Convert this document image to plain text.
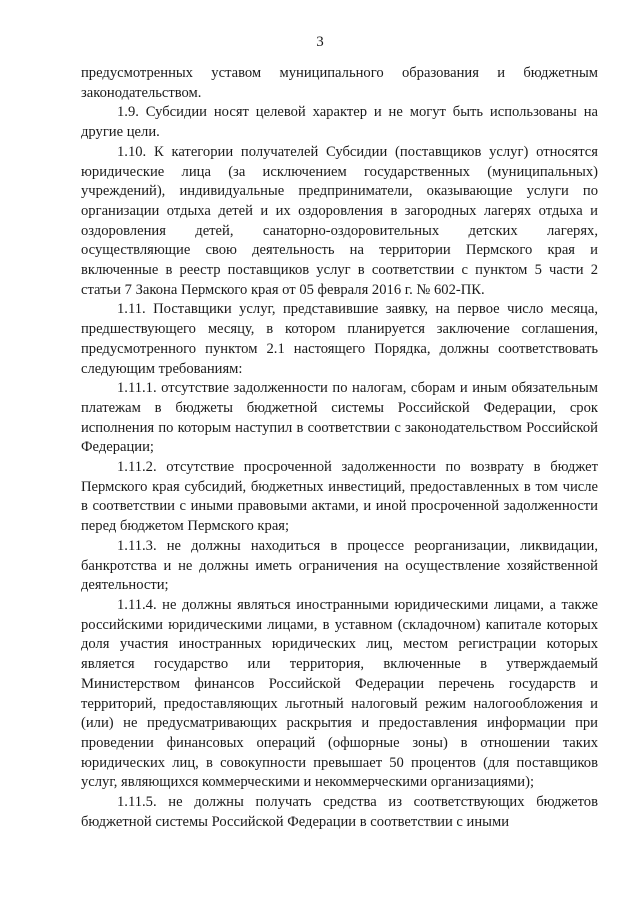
3

предусмотренных уставом муниципального образования и бюджетным законодательством.

1.9. Субсидии носят целевой характер и не могут быть использованы на другие цели.

1.10. К категории получателей Субсидии (поставщиков услуг) относятся юридические лица (за исключением государственных (муниципальных) учреждений), индивидуальные предприниматели, оказывающие услуги по организации отдыха детей и их оздоровления в загородных лагерях отдыха и оздоровления детей, санаторно-оздоровительных детских лагерях, осуществляющие свою деятельность на территории Пермского края и включенные в реестр поставщиков услуг в соответствии с пунктом 5 части 2 статьи 7 Закона Пермского края от 05 февраля 2016 г. № 602-ПК.

1.11. Поставщики услуг, представившие заявку, на первое число месяца, предшествующего месяцу, в котором планируется заключение соглашения, предусмотренного пунктом 2.1 настоящего Порядка, должны соответствовать следующим требованиям:

1.11.1. отсутствие задолженности по налогам, сборам и иным обязательным платежам в бюджеты бюджетной системы Российской Федерации, срок исполнения по которым наступил в соответствии с законодательством Российской Федерации;

1.11.2. отсутствие просроченной задолженности по возврату в бюджет Пермского края субсидий, бюджетных инвестиций, предоставленных в том числе в соответствии с иными правовыми актами, и иной просроченной задолженности перед бюджетом Пермского края;

1.11.3. не должны находиться в процессе реорганизации, ликвидации, банкротства и не должны иметь ограничения на осуществление хозяйственной деятельности;

1.11.4. не должны являться иностранными юридическими лицами, а также российскими юридическими лицами, в уставном (складочном) капитале которых доля участия иностранных юридических лиц, местом регистрации которых является государство или территория, включенные в утверждаемый Министерством финансов Российской Федерации перечень государств и территорий, предоставляющих льготный налоговый режим налогообложения и (или) не предусматривающих раскрытия и предоставления информации при проведении финансовых операций (офшорные зоны) в отношении таких юридических лиц, в совокупности превышает 50 процентов (для поставщиков услуг, являющихся коммерческими и некоммерческими организациями);

1.11.5. не должны получать средства из соответствующих бюджетов бюджетной системы Российской Федерации в соответствии с иными
